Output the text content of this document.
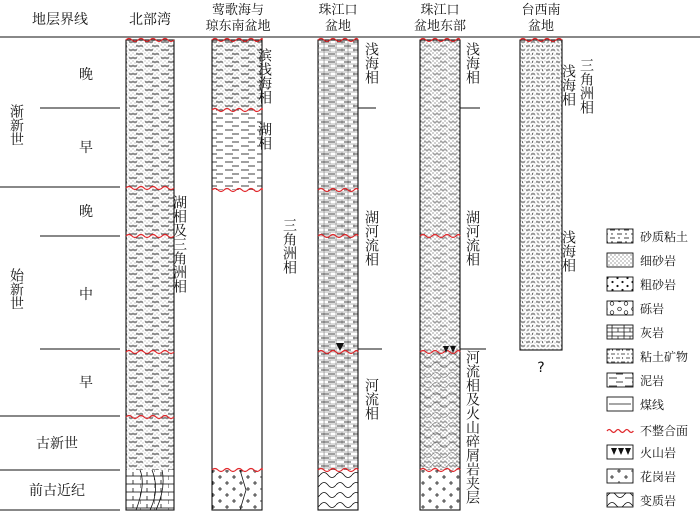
地层界线
渐新世
始新世
古新世
前古近纪
晚
早
晚
中
早
北部湾
莺歌海与
琼东南盆地
珠江口
盆地
珠江口
盆地东部
台西南
盆地
湖相及三角洲相
滨浅海相
湖相
浅海相
湖河流相
三角洲相
河流相
浅海相
湖河流相
河流相及火山碎屑岩夹层
三角洲相
浅海相
浅海相
?
砂质粘土
细砂岩
粗砂岩
砾岩
灰岩
粘土矿物
泥岩
煤线
不整合面
火山岩
花岗岩
变质岩
